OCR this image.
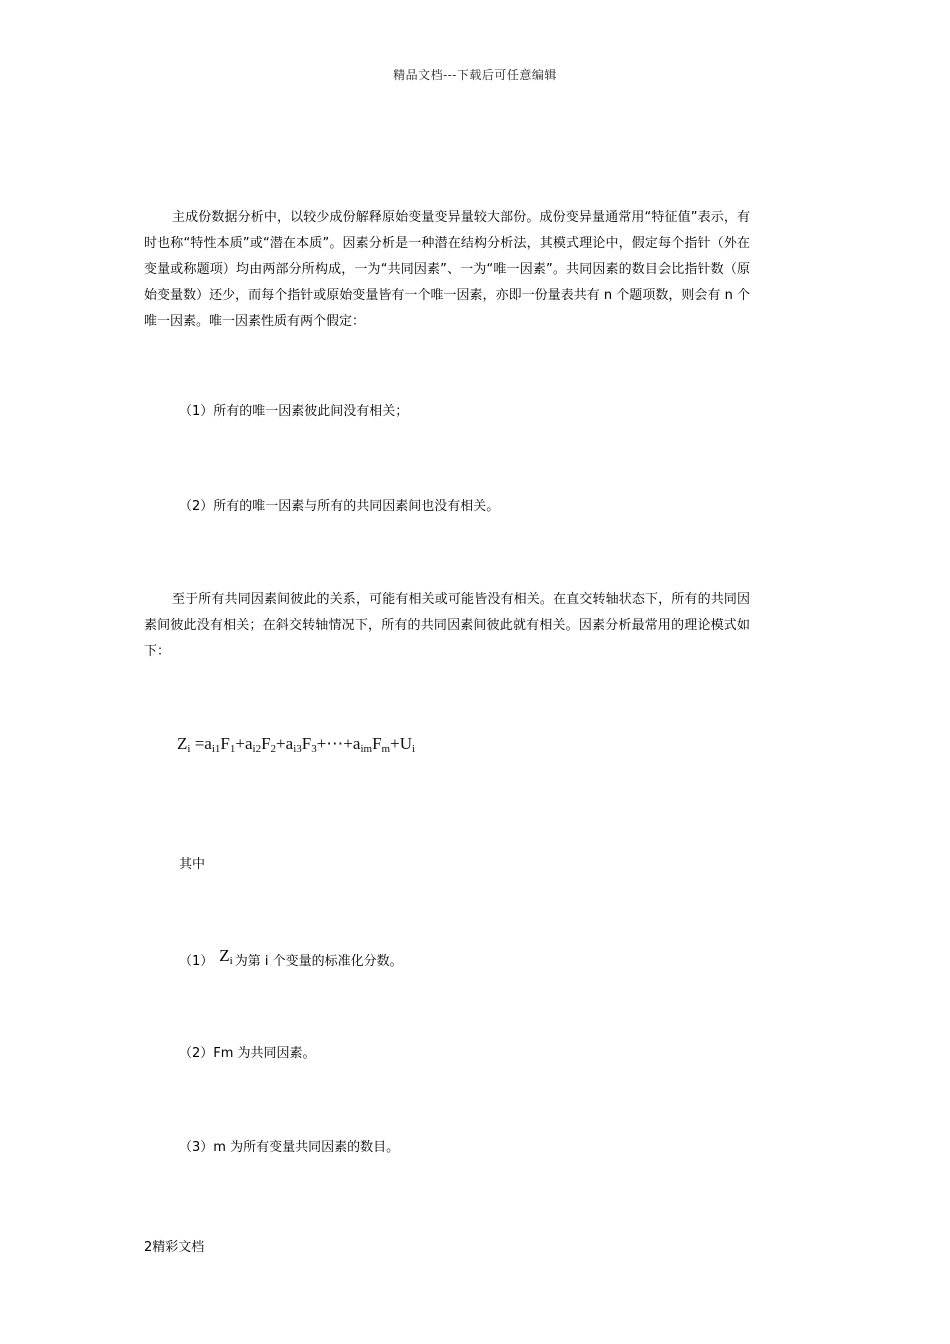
精品文档---下载后可任意编辑

主成份数据分析中，以较少成份解释原始变量变异量较大部份。成份变异量通常用“特征值”表示，有时也称“特性本质”或“潜在本质”。因素分析是一种潜在结构分析法，其模式理论中，假定每个指针（外在变量或称题项）均由两部分所构成，一为“共同因素”、一为“唯一因素”。共同因素的数目会比指针数（原始变量数）还少，而每个指针或原始变量皆有一个唯一因素，亦即一份量表共有 n 个题项数，则会有 n 个唯一因素。唯一因素性质有两个假定：

（1）所有的唯一因素彼此间没有相关；

（2）所有的唯一因素与所有的共同因素间也没有相关。

至于所有共同因素间彼此的关系，可能有相关或可能皆没有相关。在直交转轴状态下，所有的共同因素间彼此没有相关；在斜交转轴情况下，所有的共同因素间彼此就有相关。因素分析最常用的理论模式如下：

$Z_i$ $=a_{i1}F_1+a_{i2}F_2+a_{i3}F_3+\cdots+a_{im}F_m+U_i$

其中

（1） $Z_i$ 为第 i 个变量的标准化分数。

（2）Fm 为共同因素。

（3）m 为所有变量共同因素的数目。

2精彩文档
